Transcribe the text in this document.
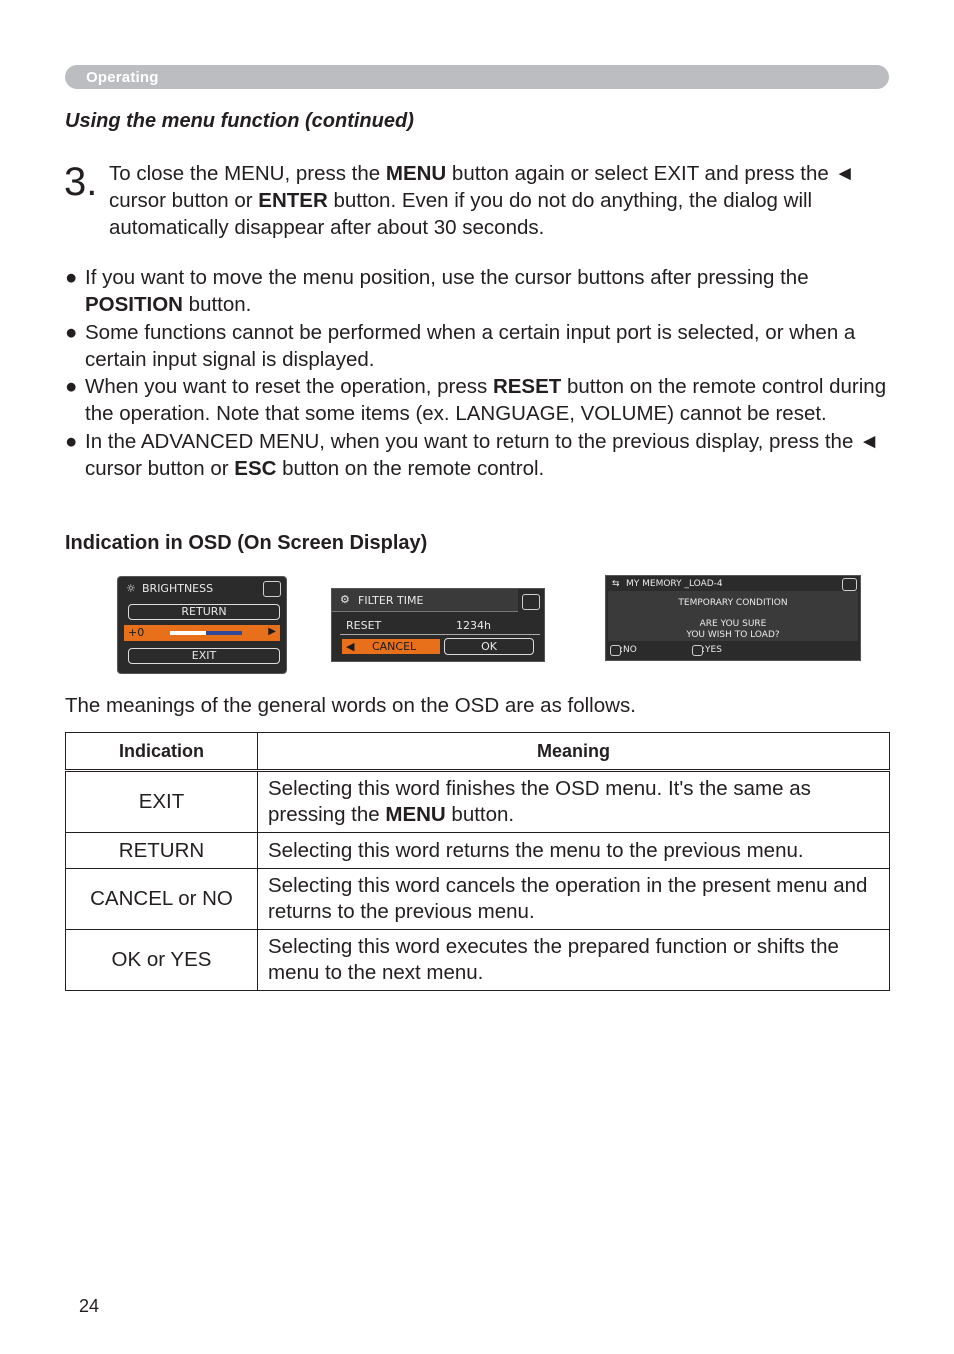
Operating
Using the menu function (continued)
3. To close the MENU, press the MENU button again or select EXIT and press the ◄ cursor button or ENTER button. Even if you do not do anything, the dialog will automatically disappear after about 30 seconds.
● If you want to move the menu position, use the cursor buttons after pressing the POSITION button.
● Some functions cannot be performed when a certain input port is selected, or when a certain input signal is displayed.
● When you want to reset the operation, press RESET button on the remote control during the operation. Note that some items (ex. LANGUAGE, VOLUME) cannot be reset.
● In the ADVANCED MENU, when you want to return to the previous display, press the ◄ cursor button or ESC button on the remote control.
Indication in OSD (On Screen Display)
☼ BRIGHTNESS
RETURN
+0	▶
EXIT
⚙ FILTER TIME
RESET	1234h
◀ CANCEL	OK
⇆ MY MEMORY _LOAD-4
TEMPORARY CONDITION
ARE YOU SURE
YOU WISH TO LOAD?
:NO	:YES
The meanings of the general words on the OSD are as follows.
Indication	Meaning
EXIT	Selecting this word finishes the OSD menu. It's the same as pressing the MENU button.
RETURN	Selecting this word returns the menu to the previous menu.
CANCEL or NO	Selecting this word cancels the operation in the present menu and returns to the previous menu.
OK or YES	Selecting this word executes the prepared function or shifts the menu to the next menu.
24
